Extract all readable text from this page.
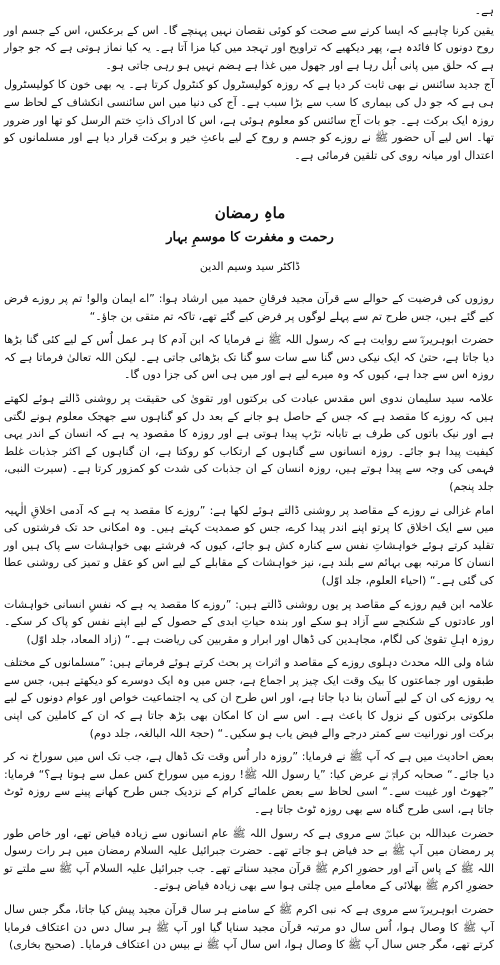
ہے۔

یقین کرنا چاہیے کہ ایسا کرنے سے صحت کو کوئی نقصان نہیں پہنچے گا۔ اس کے برعکس، اس کے جسم اور روح دونوں کا فائدہ ہے، پھر دیکھیے کہ تراویح اور تہجد میں کیا مزا آتا ہے۔ یہ کیا نماز ہوتی ہے کہ جو جوار ہے کہ حلق میں پانی اُبل رہا ہے اور جھول میں غذا ہے ہضم نہیں ہو رہی جاتی ہو۔

آج جدید سائنس نے بھی ثابت کر دیا ہے کہ روزہ کولیسٹرول کو کنٹرول کرتا ہے۔ یہ بھی خون کا کولیسٹرول ہی ہے کہ جو دل کی بیماری کا سب سے بڑا سبب ہے۔ آج کی دنیا میں اس سائنسی انکشاف کے لحاظ سے روزہ ایک برکت ہے۔ جو بات آج سائنس کو معلوم ہوئی ہے، اس کا ادراک ذاتِ ختم الرسل کو تھا اور ضرور تھا۔ اس لیے آں حضور ﷺ نے روزے کو جسم و روح کے لیے باعثِ خیر و برکت قرار دیا ہے اور مسلمانوں کو اعتدال اور میانہ روی کی تلقین فرمائی ہے۔

ماہِ رمضان
رحمت و مغفرت کا موسمِ بہار
ڈاکٹر سید وسیم الدین

روزوں کی فرضیت کے حوالے سے قرآن مجید فرقانِ حمید میں ارشاد ہوا: ”اے ایمان والو! تم پر روزے فرض کیے گئے ہیں، جس طرح تم سے پہلے لوگوں پر فرض کیے گئے تھے، تاکہ تم متقی بن جاؤ۔“

حضرت ابوہریرہؓ سے روایت ہے کہ رسول اللہ ﷺ نے فرمایا کہ ابن آدم کا ہر عمل اُس کے لیے کئی گنا بڑھا دیا جاتا ہے، حتیٰ کہ ایک نیکی دس گنا سے سات سو گنا تک بڑھائی جاتی ہے۔ لیکن اللہ تعالیٰ فرماتا ہے کہ روزہ اس سے جدا ہے، کیوں کہ وہ میرے لیے ہے اور میں ہی اس کی جزا دوں گا۔

علامہ سید سلیمان ندوی اس مقدس عبادت کی برکتوں اور تقویٰ کی حقیقت پر روشنی ڈالتے ہوئے لکھتے ہیں کہ روزے کا مقصد ہے کہ جس کے حاصل ہو جانے کے بعد دل کو گناہوں سے جھجک معلوم ہونے لگتی ہے اور نیک باتوں کی طرف بے تابانہ تڑپ پیدا ہوتی ہے اور روزہ کا مقصود یہ ہے کہ انسان کے اندر یہی کیفیت پیدا ہو جائے۔ روزہ انسانوں سے گناہوں کے ارتکاب کو روکتا ہے، ان گناہوں کے اکثر جذبات غلط فہمی کی وجہ سے پیدا ہوتے ہیں، روزہ انسان کے ان جذبات کی شدت کو کمزور کرتا ہے۔ (سیرت النبی، جلد پنجم)

امام غزالی نے روزے کے مقاصد پر روشنی ڈالتے ہوئے لکھا ہے: ”روزے کا مقصد یہ ہے کہ آدمی اخلاقِ الٰہیہ میں سے ایک اخلاق کا پرتو اپنے اندر پیدا کرے، جس کو صمدیت کہتے ہیں۔ وہ امکانی حد تک فرشتوں کی تقلید کرتے ہوئے خواہشاتِ نفس سے کنارہ کش ہو جائے، کیوں کہ فرشتے بھی خواہشات سے پاک ہیں اور انسان کا مرتبہ بھی بہائم سے بلند ہے، نیز خواہشات کے مقابلے کے لیے اس کو عقل و تمیز کی روشنی عطا کی گئی ہے۔“ (احیاء العلوم، جلد اوّل)

علامہ ابن قیم روزے کے مقاصد پر یوں روشنی ڈالتے ہیں: ”روزے کا مقصد یہ ہے کہ نفسِ انسانی خواہشات اور عادتوں کے شکنجے سے آزاد ہو سکے اور بندہ حیاتِ ابدی کے حصول کے لیے اپنے نفس کو پاک کر سکے۔ روزہ اہلِ تقویٰ کی لگام، مجاہدین کی ڈھال اور ابرار و مقربین کی ریاضت ہے۔“ (زاد المعاد، جلد اوّل)

شاہ ولی اللہ محدث دہلوی روزے کے مقاصد و اثرات پر بحث کرتے ہوئے فرماتے ہیں: ”مسلمانوں کے مختلف طبقوں اور جماعتوں کا بیک وقت ایک چیز پر اجماع ہے، جس میں وہ ایک دوسرے کو دیکھتے ہیں، جس سے یہ روزے کی ان کے لیے آسان بنا دیا جاتا ہے، اور اس طرح ان کی یہ اجتماعیت خواص اور عوام دونوں کے لیے ملکوتی برکتوں کے نزول کا باعث ہے۔ اس سے ان کا امکان بھی بڑھ جاتا ہے کہ ان کے کاملین کی اپنی برکت اور نورانیت سے کمتر درجے والے فیض یاب ہو سکیں۔“ (حجۃ اللہ البالغہ، جلد دوم)

بعض احادیث میں ہے کہ آپ ﷺ نے فرمایا: ”روزہ دار اُس وقت تک ڈھال ہے، جب تک اس میں سوراخ نہ کر دیا جائے۔“ صحابہ کرامؓ نے عرض کیا: ”یا رسول اللہ ﷺ! روزے میں سوراخ کس عمل سے ہوتا ہے؟“ فرمایا: ”جھوٹ اور غیبت سے۔“ اسی لحاظ سے بعض علمائے کرام کے نزدیک جس طرح کھانے پینے سے روزہ ٹوٹ جاتا ہے، اسی طرح گناہ سے بھی روزہ ٹوٹ جاتا ہے۔

حضرت عبداللہ بن عباسؓ سے مروی ہے کہ رسول اللہ ﷺ عام انسانوں سے زیادہ فیاض تھے، اور خاص طور پر رمضان میں آپ ﷺ بے حد فیاض ہو جاتے تھے۔ حضرت جبرائیل علیہ السلام رمضان میں ہر رات رسول اللہ ﷺ کے پاس آتے اور حضورِ اکرم ﷺ قرآن مجید سناتے تھے۔ جب جبرائیل علیہ السلام آپ ﷺ سے ملتے تو حضورِ اکرم ﷺ بھلائی کے معاملے میں چلتی ہوا سے بھی زیادہ فیاض ہوتے۔

حضرت ابوہریرہؓ سے مروی ہے کہ نبی اکرم ﷺ کے سامنے ہر سال قرآن مجید پیش کیا جاتا، مگر جس سال آپ ﷺ کا وصال ہوا، اُس سال دو مرتبہ قرآن مجید سنایا گیا اور آپ ﷺ ہر سال دس دن اعتکاف فرمایا کرتے تھے، مگر جس سال آپ ﷺ کا وصال ہوا، اس سال آپ ﷺ نے بیس دن اعتکاف فرمایا۔ (صحیح بخاری)
